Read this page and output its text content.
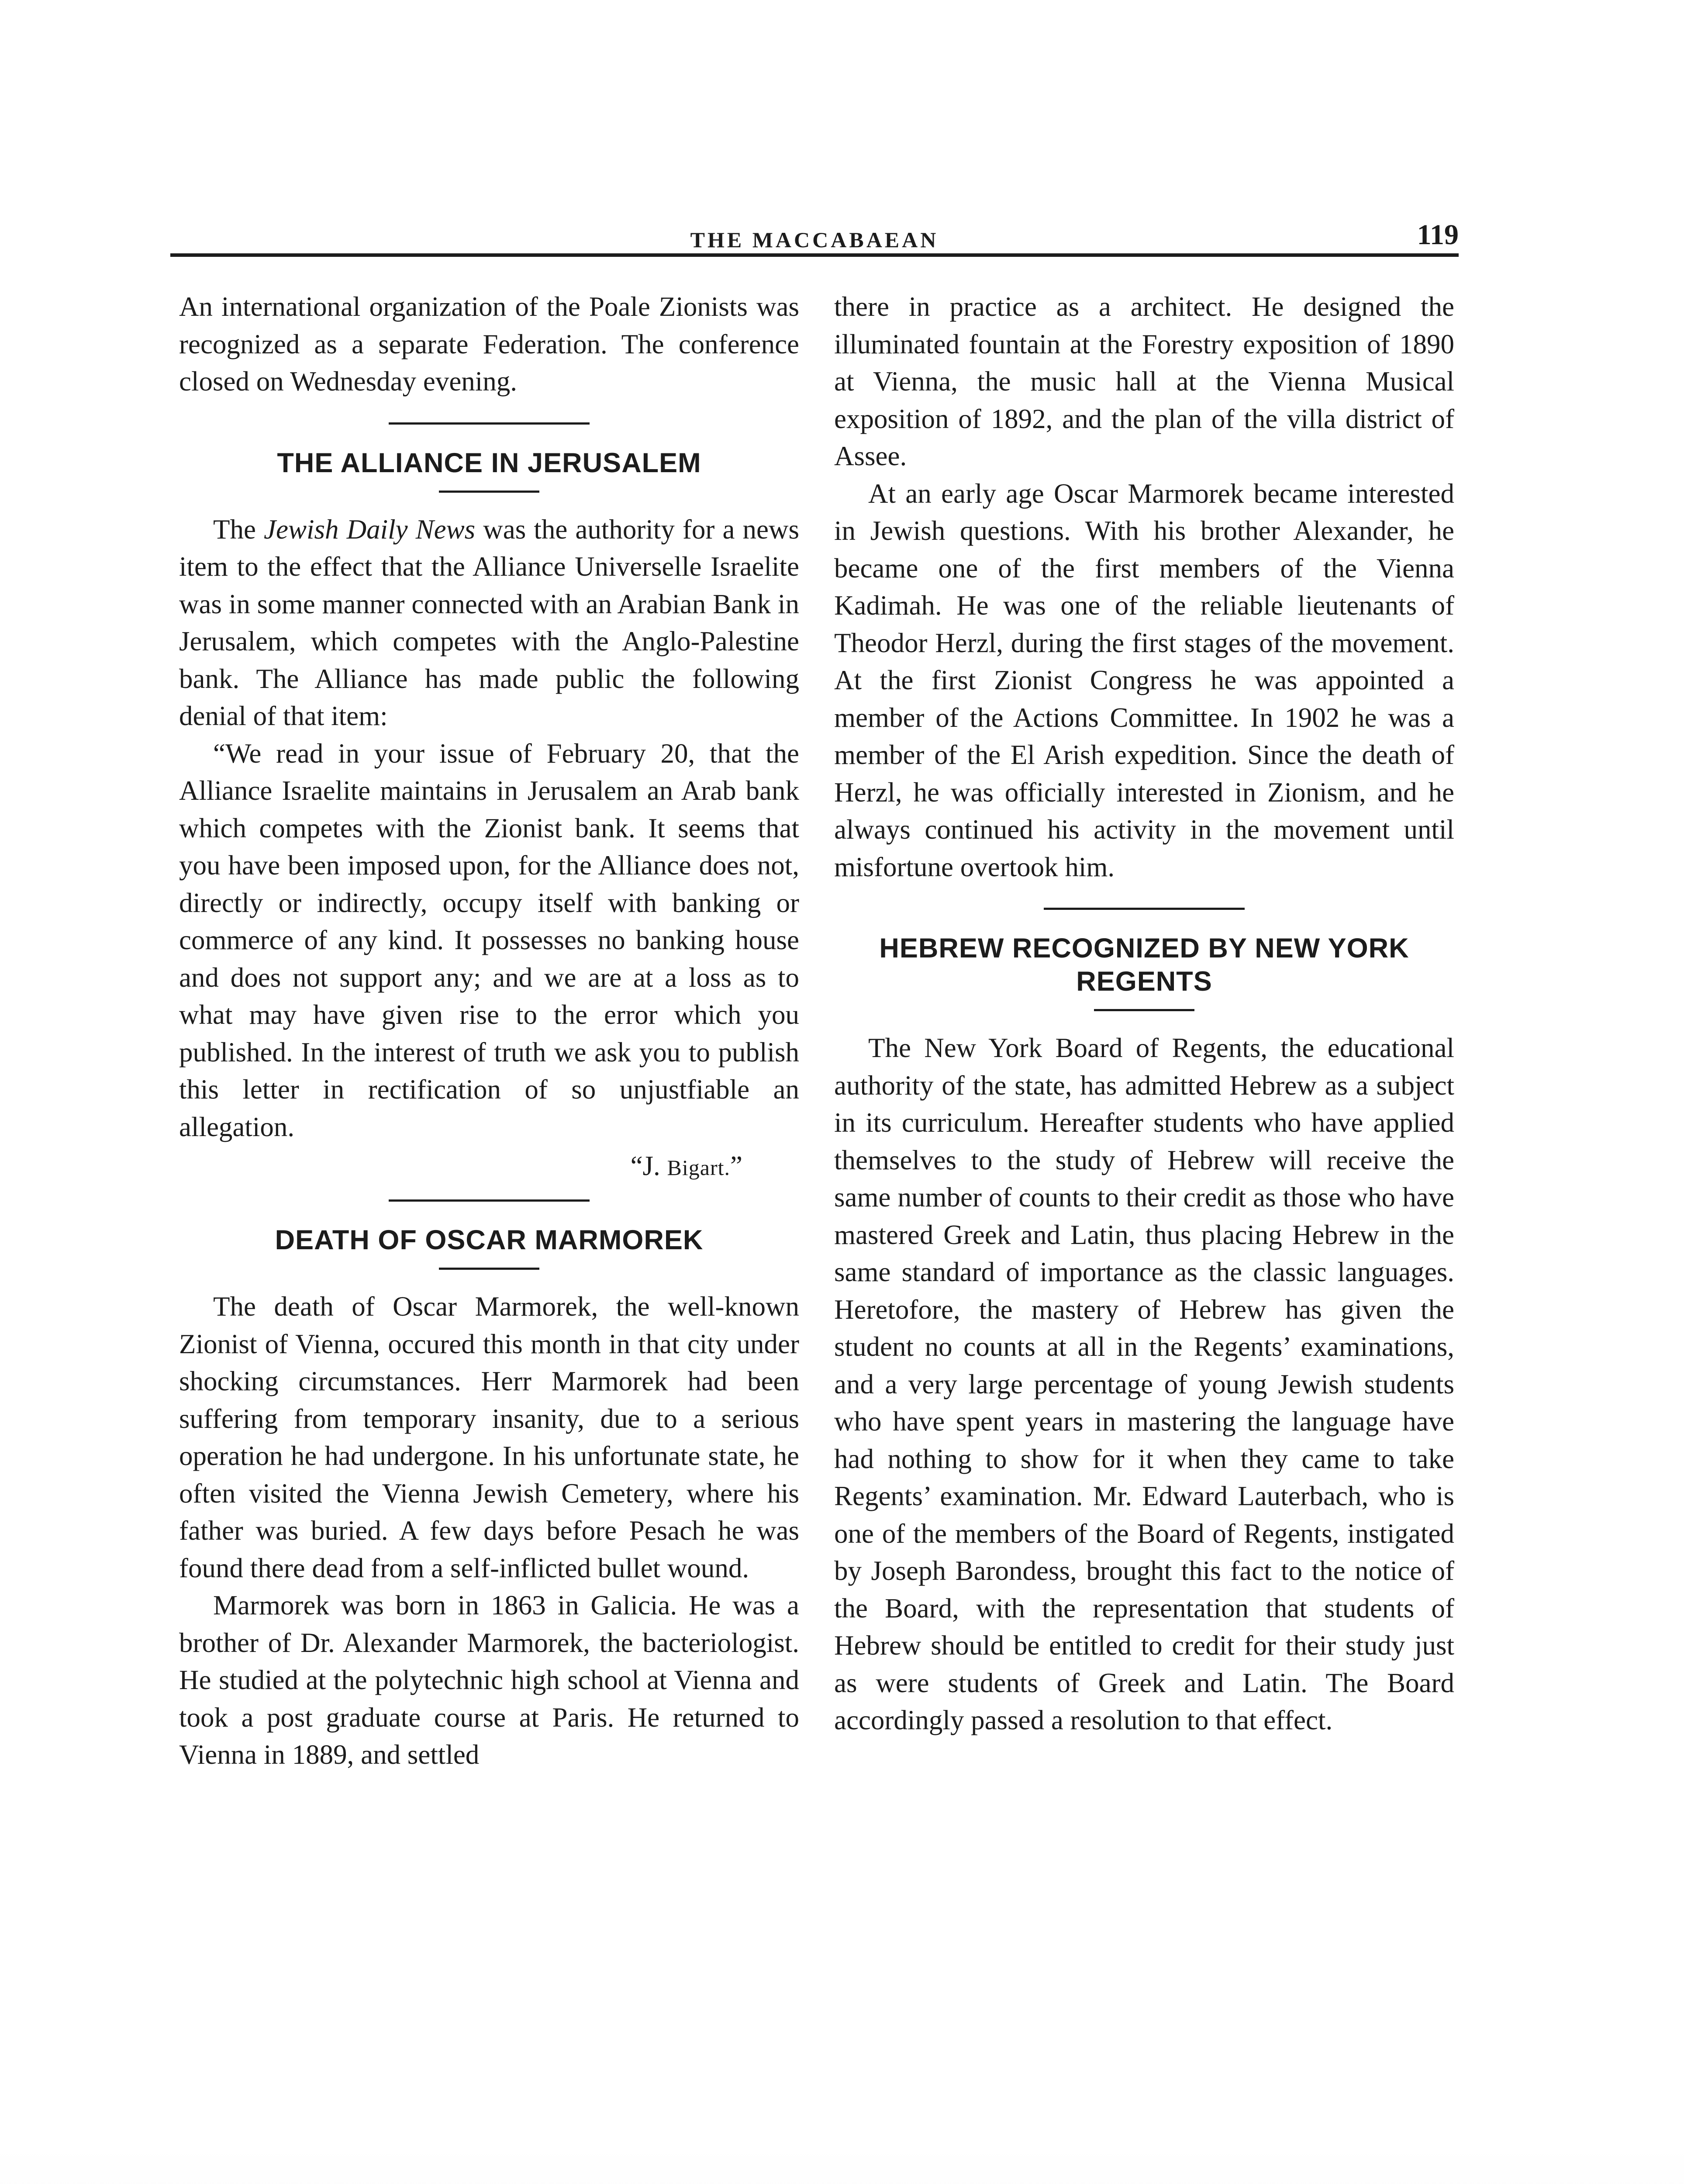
THE MACCABAEAN	119

An international organization of the Poale Zionists was recognized as a separate Federation. The conference closed on Wednesday evening.

THE ALLIANCE IN JERUSALEM

The Jewish Daily News was the authority for a news item to the effect that the Alliance Universelle Israelite was in some manner connected with an Arabian Bank in Jerusalem, which competes with the Anglo-Palestine bank. The Alliance has made public the following denial of that item:

“We read in your issue of February 20, that the Alliance Israelite maintains in Jerusalem an Arab bank which competes with the Zionist bank. It seems that you have been imposed upon, for the Alliance does not, directly or indirectly, occupy itself with banking or commerce of any kind. It possesses no banking house and does not support any; and we are at a loss as to what may have given rise to the error which you published. In the interest of truth we ask you to publish this letter in rectification of so unjustfiable an allegation.

“J. Bigart.”

DEATH OF OSCAR MARMOREK

The death of Oscar Marmorek, the well-known Zionist of Vienna, occured this month in that city under shocking circumstances. Herr Marmorek had been suffering from temporary insanity, due to a serious operation he had undergone. In his unfortunate state, he often visited the Vienna Jewish Cemetery, where his father was buried. A few days before Pesach he was found there dead from a self-inflicted bullet wound.

Marmorek was born in 1863 in Galicia. He was a brother of Dr. Alexander Marmorek, the bacteriologist. He studied at the polytechnic high school at Vienna and took a post graduate course at Paris. He returned to Vienna in 1889, and settled

there in practice as a architect. He designed the illuminated fountain at the Forestry exposition of 1890 at Vienna, the music hall at the Vienna Musical exposition of 1892, and the plan of the villa district of Assee.

At an early age Oscar Marmorek became interested in Jewish questions. With his brother Alexander, he became one of the first members of the Vienna Kadimah. He was one of the reliable lieutenants of Theodor Herzl, during the first stages of the movement. At the first Zionist Congress he was appointed a member of the Actions Committee. In 1902 he was a member of the El Arish expedition. Since the death of Herzl, he was officially interested in Zionism, and he always continued his activity in the movement until misfortune overtook him.

HEBREW RECOGNIZED BY NEW YORK
REGENTS

The New York Board of Regents, the educational authority of the state, has admitted Hebrew as a subject in its curriculum. Hereafter students who have applied themselves to the study of Hebrew will receive the same number of counts to their credit as those who have mastered Greek and Latin, thus placing Hebrew in the same standard of importance as the classic languages. Heretofore, the mastery of Hebrew has given the student no counts at all in the Regents’ examinations, and a very large percentage of young Jewish students who have spent years in mastering the language have had nothing to show for it when they came to take Regents’ examination. Mr. Edward Lauterbach, who is one of the members of the Board of Regents, instigated by Joseph Barondess, brought this fact to the notice of the Board, with the representation that students of Hebrew should be entitled to credit for their study just as were students of Greek and Latin. The Board accordingly passed a resolution to that effect.
